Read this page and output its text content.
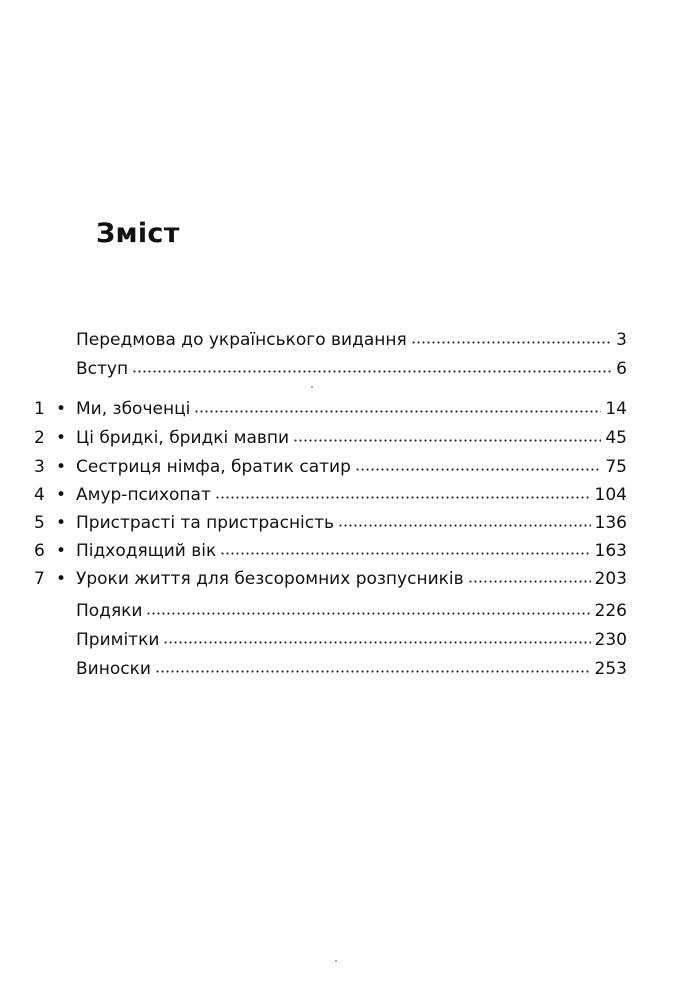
Зміст
Передмова до українського видання	3
Вступ	6
1 • Ми, збоченці	14
2 • Ці бридкі, бридкі мавпи	45
3 • Сестриця німфа, братик сатир	75
4 • Амур-психопат	104
5 • Пристрасті та пристрасність	136
6 • Підходящий вік	163
7 • Уроки життя для безсоромних розпусників	203
Подяки	226
Примітки	230
Виноски	253
